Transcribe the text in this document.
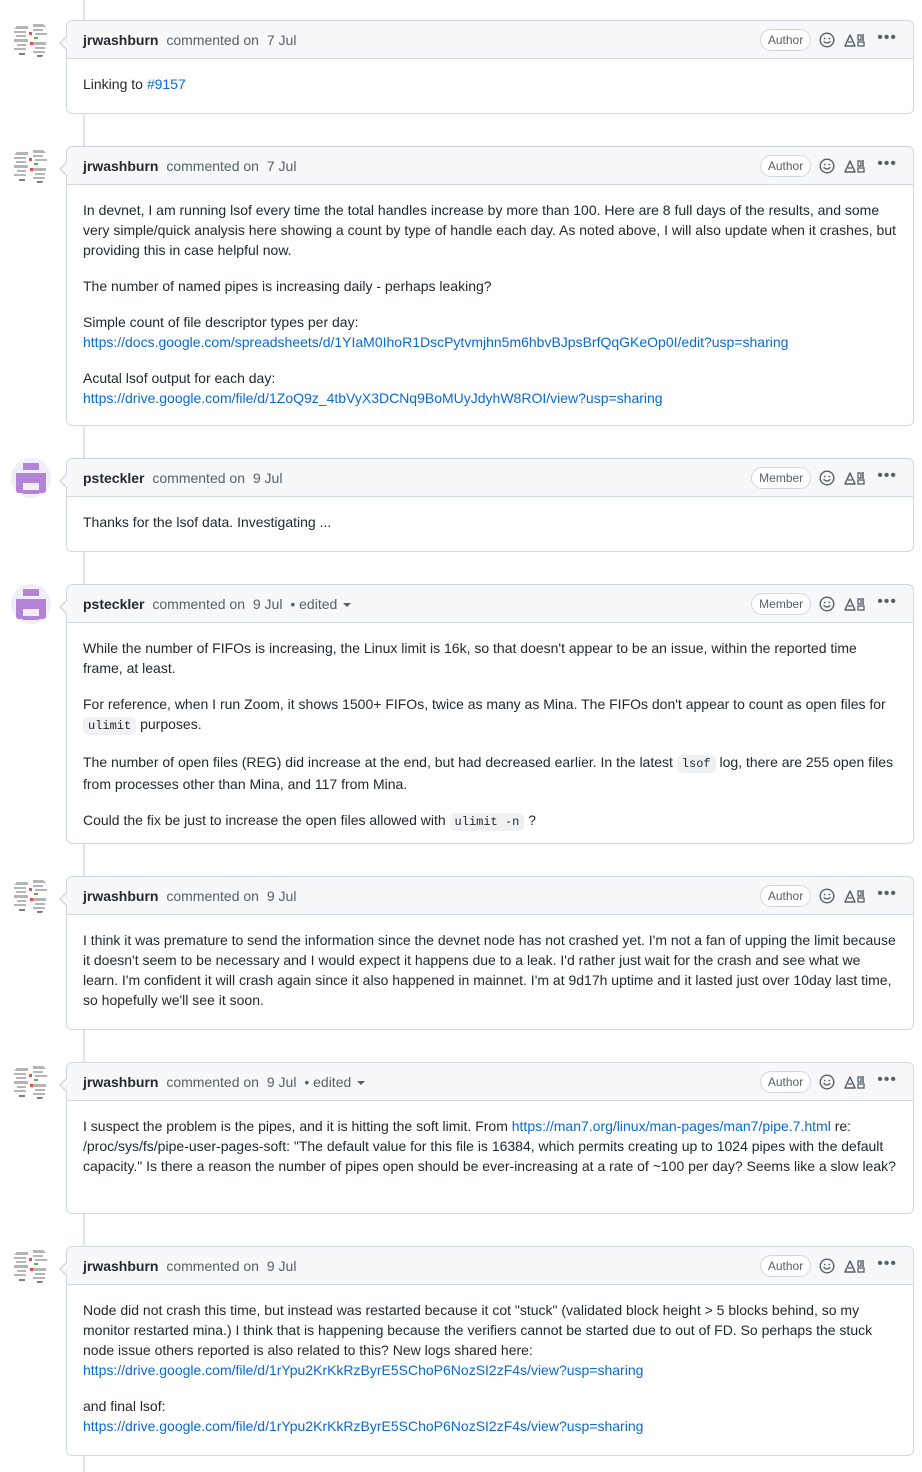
jrwashburn commented on 7 Jul	Author	•••

Linking to #9157

jrwashburn commented on 7 Jul	Author	•••

In devnet, I am running lsof every time the total handles increase by more than 100. Here are 8 full days of the results, and some very simple/quick analysis here showing a count by type of handle each day. As noted above, I will also update when it crashes, but providing this in case helpful now.

The number of named pipes is increasing daily - perhaps leaking?

Simple count of file descriptor types per day:
https://docs.google.com/spreadsheets/d/1YIaM0IhoR1DscPytvmjhn5m6hbvBJpsBrfQqGKeOp0I/edit?usp=sharing

Acutal lsof output for each day:
https://drive.google.com/file/d/1ZoQ9z_4tbVyX3DCNq9BoMUyJdyhW8ROI/view?usp=sharing

psteckler commented on 9 Jul	Member	•••

Thanks for the lsof data. Investigating ...

psteckler commented on 9 Jul • edited	Member	•••

While the number of FIFOs is increasing, the Linux limit is 16k, so that doesn't appear to be an issue, within the reported time frame, at least.

For reference, when I run Zoom, it shows 1500+ FIFOs, twice as many as Mina. The FIFOs don't appear to count as open files for ulimit purposes.

The number of open files (REG) did increase at the end, but had decreased earlier. In the latest lsof log, there are 255 open files from processes other than Mina, and 117 from Mina.

Could the fix be just to increase the open files allowed with ulimit -n ?

jrwashburn commented on 9 Jul	Author	•••

I think it was premature to send the information since the devnet node has not crashed yet. I'm not a fan of upping the limit because it doesn't seem to be necessary and I would expect it happens due to a leak. I'd rather just wait for the crash and see what we learn. I'm confident it will crash again since it also happened in mainnet. I'm at 9d17h uptime and it lasted just over 10day last time, so hopefully we'll see it soon.

jrwashburn commented on 9 Jul • edited	Author	•••

I suspect the problem is the pipes, and it is hitting the soft limit. From https://man7.org/linux/man-pages/man7/pipe.7.html re: /proc/sys/fs/pipe-user-pages-soft: "The default value for this file is 16384, which permits creating up to 1024 pipes with the default capacity." Is there a reason the number of pipes open should be ever-increasing at a rate of ~100 per day? Seems like a slow leak?

jrwashburn commented on 9 Jul	Author	•••

Node did not crash this time, but instead was restarted because it cot "stuck" (validated block height > 5 blocks behind, so my monitor restarted mina.) I think that is happening because the verifiers cannot be started due to out of FD. So perhaps the stuck node issue others reported is also related to this? New logs shared here:
https://drive.google.com/file/d/1rYpu2KrKkRzByrE5SChoP6NozSI2zF4s/view?usp=sharing

and final lsof:
https://drive.google.com/file/d/1rYpu2KrKkRzByrE5SChoP6NozSI2zF4s/view?usp=sharing
